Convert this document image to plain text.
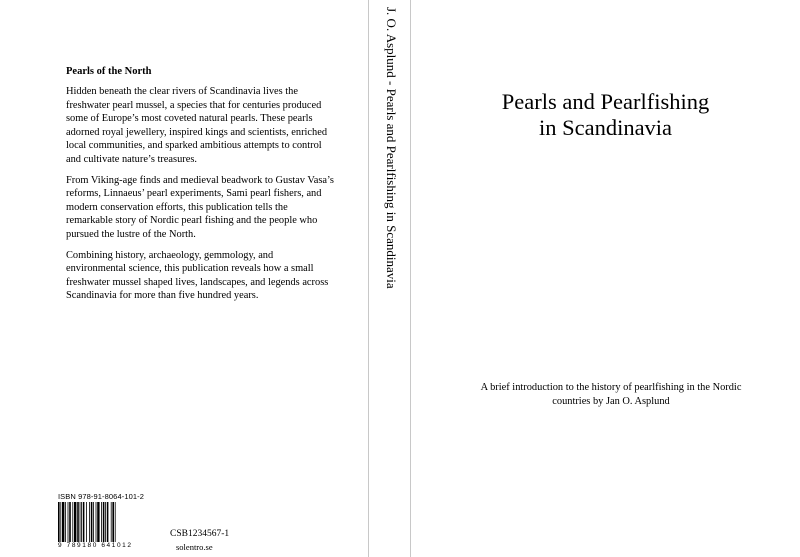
Pearls of the North

Hidden beneath the clear rivers of Scandinavia lives the freshwater pearl mussel, a species that for centuries produced some of Europe’s most coveted natural pearls. These pearls adorned royal jewellery, inspired kings and scientists, enriched local communities, and sparked ambitious attempts to control and cultivate nature’s treasures.

From Viking-age finds and medieval beadwork to Gustav Vasa’s reforms, Linnaeus’ pearl experiments, Sami pearl fishers, and modern conservation efforts, this publication tells the remarkable story of Nordic pearl fishing and the people who pursued the lustre of the North.

Combining history, archaeology, gemmology, and environmental science, this publication reveals how a small freshwater mussel shaped lives, landscapes, and legends across Scandinavia for more than five hundred years.

ISBN 978-91-8064-101-2
9 789180 641012
CSB1234567-1
solentro.se
J. O. Asplund - Pearls and Pearlfishing in Scandinavia	Pearls and Pearlfishing
in Scandinavia
A brief introduction to the history of pearlfishing in the Nordic countries by Jan O. Asplund
